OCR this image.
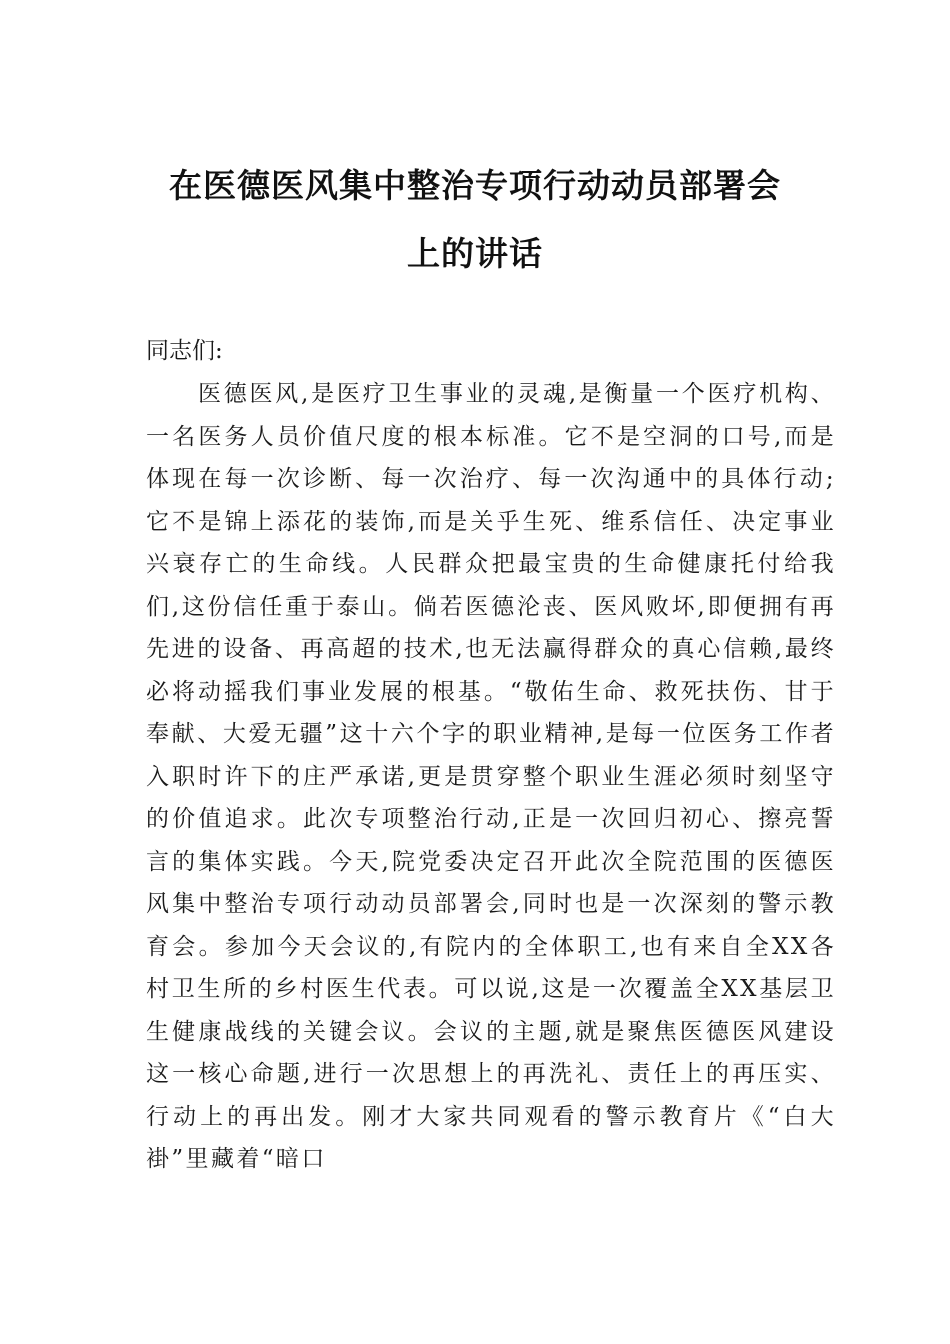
在医德医风集中整治专项行动动员部署会
上的讲话
同志们:
医德医风,是医疗卫生事业的灵魂,是衡量一个医疗机构、一名医务人员价值尺度的根本标准。它不是空洞的口号,而是体现在每一次诊断、每一次治疗、每一次沟通中的具体行动;它不是锦上添花的装饰,而是关乎生死、维系信任、决定事业兴衰存亡的生命线。人民群众把最宝贵的生命健康托付给我们,这份信任重于泰山。倘若医德沦丧、医风败坏,即便拥有再先进的设备、再高超的技术,也无法赢得群众的真心信赖,最终必将动摇我们事业发展的根基。“敬佑生命、救死扶伤、甘于奉献、大爱无疆”这十六个字的职业精神,是每一位医务工作者入职时许下的庄严承诺,更是贯穿整个职业生涯必须时刻坚守的价值追求。此次专项整治行动,正是一次回归初心、擦亮誓言的集体实践。今天,院党委决定召开此次全院范围的医德医风集中整治专项行动动员部署会,同时也是一次深刻的警示教育会。参加今天会议的,有院内的全体职工,也有来自全XX各村卫生所的乡村医生代表。可以说,这是一次覆盖全XX基层卫生健康战线的关键会议。会议的主题,就是聚焦医德医风建设这一核心命题,进行一次思想上的再洗礼、责任上的再压实、行动上的再出发。刚才大家共同观看的警示教育片《“白大褂”里藏着“暗口
